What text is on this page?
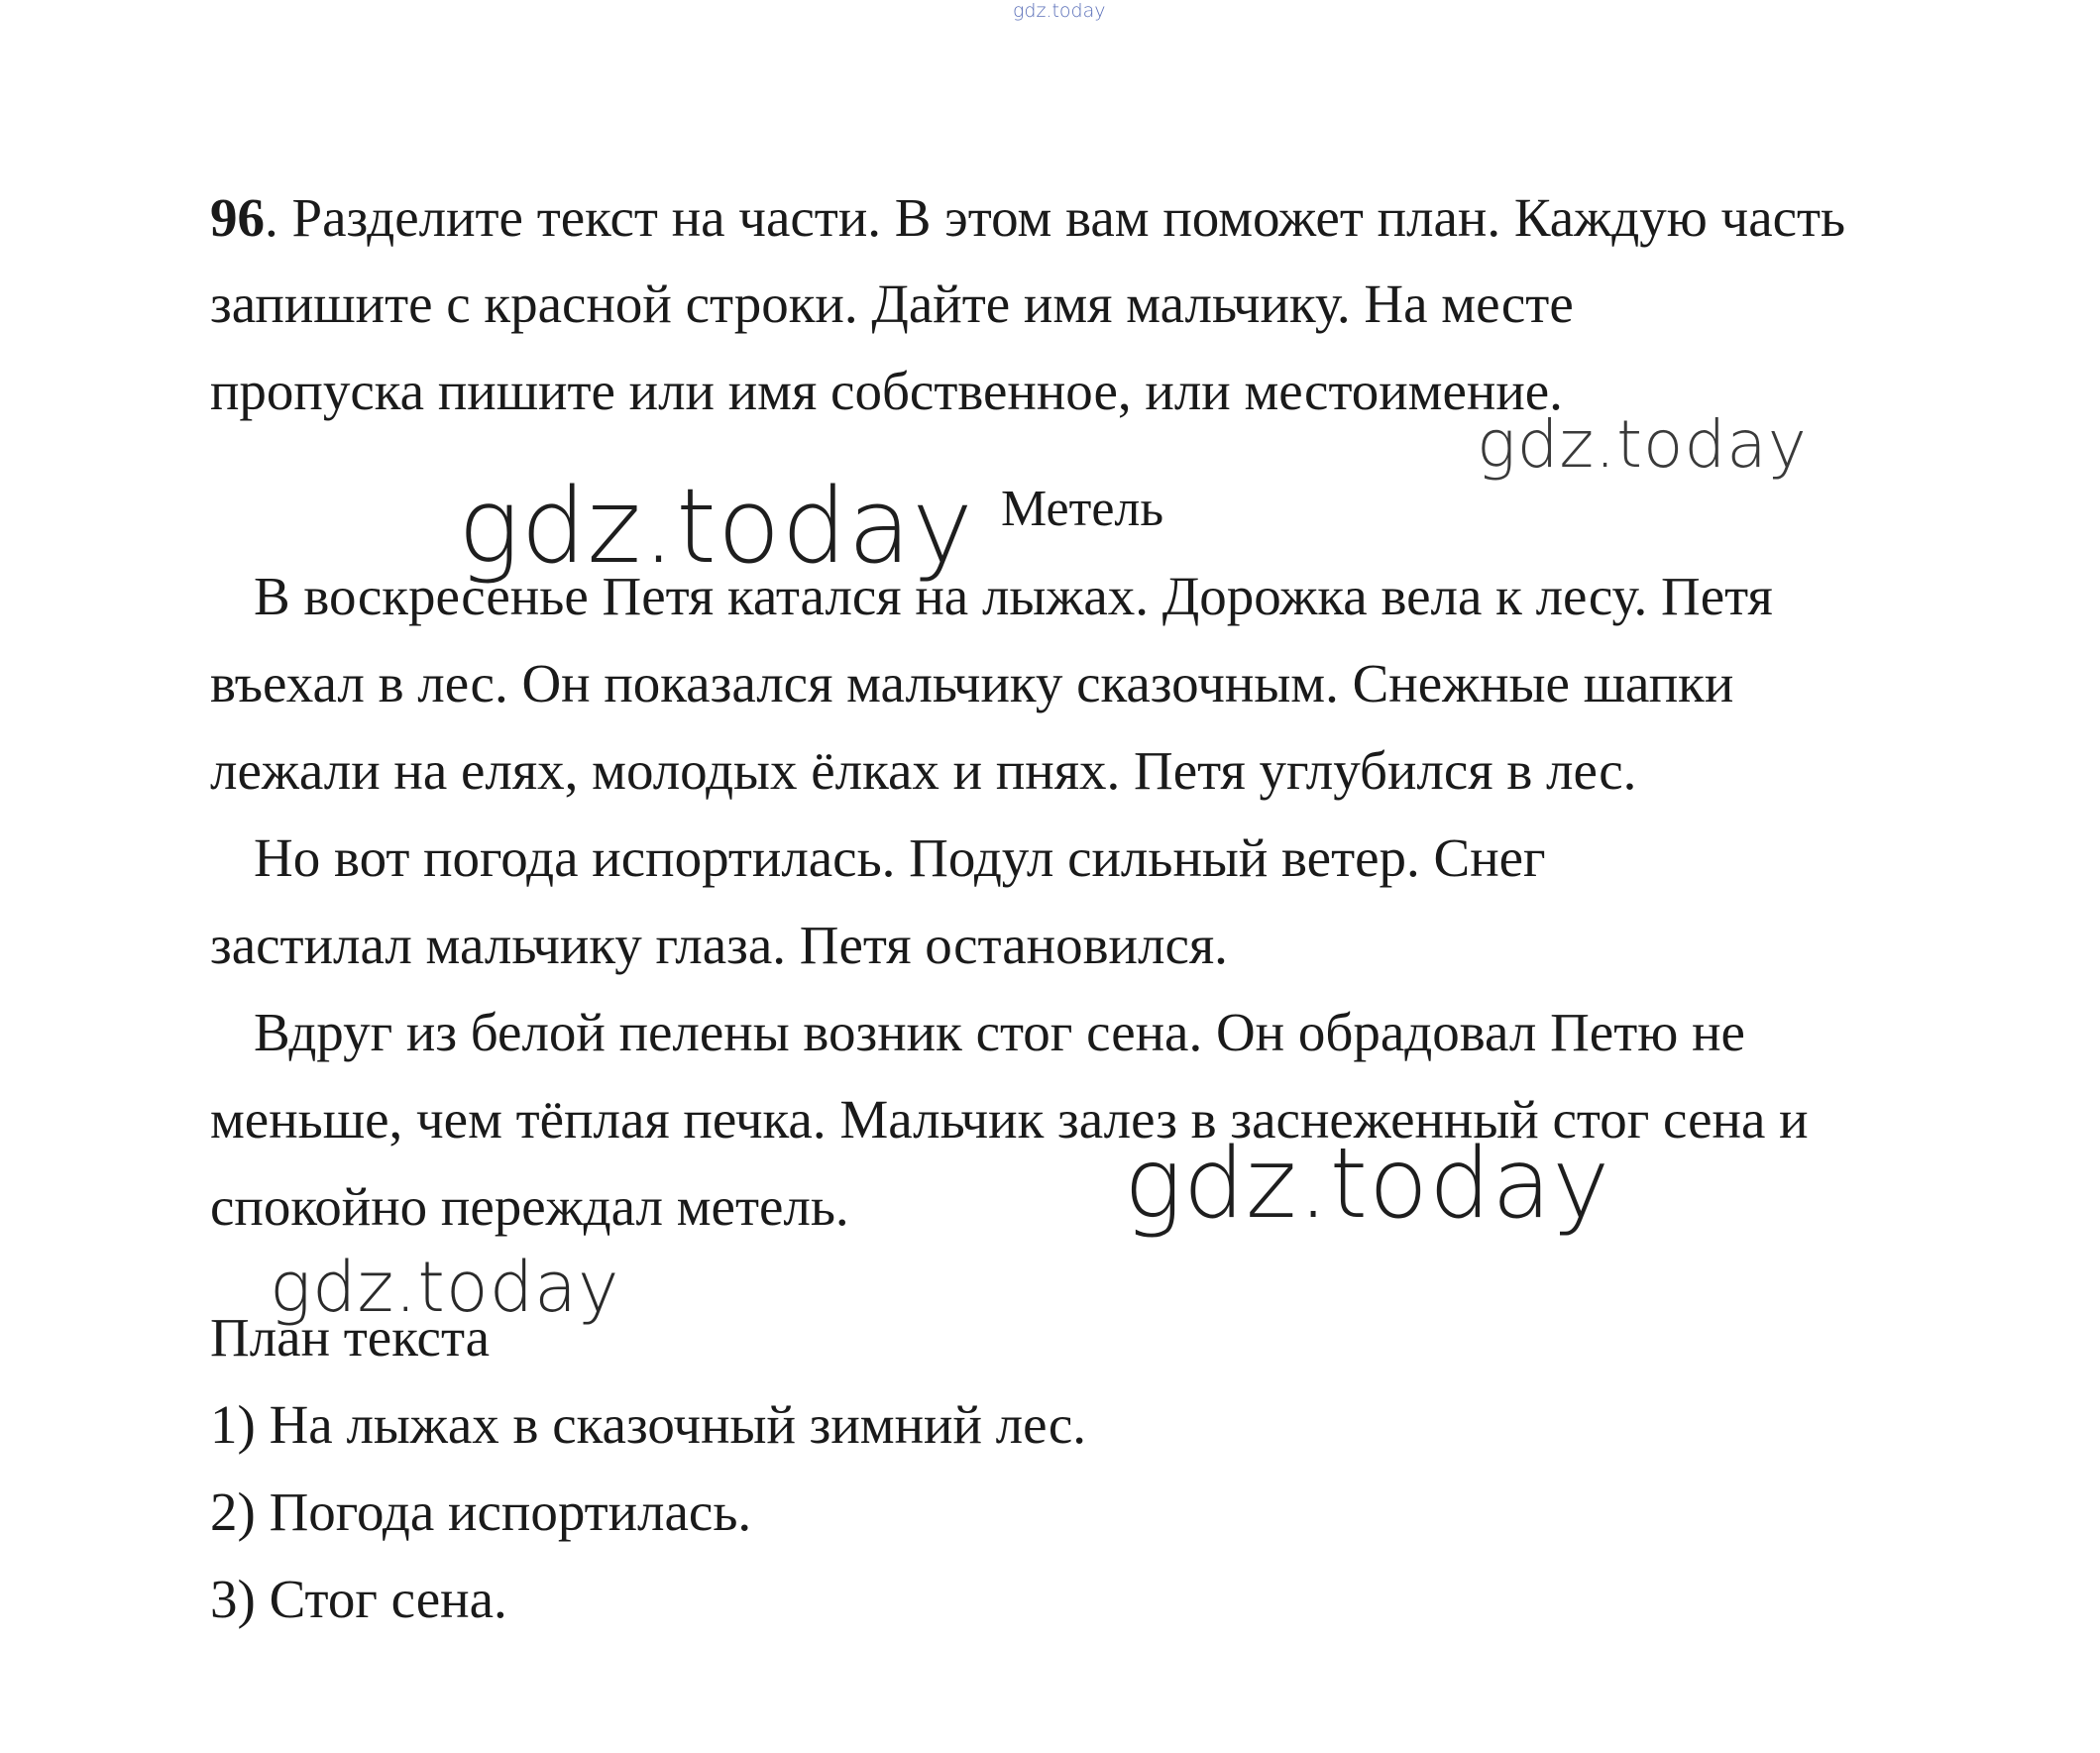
gdz.today

96. Разделите текст на части. В этом вам поможет план. Каждую часть

запишите с красной строки. Дайте имя мальчику. На месте

пропуска пишите или имя собственное, или местоимение.

gdz.today
gdz.today Метель

В воскресенье Петя катался на лыжах. Дорожка вела к лесу. Петя

въехал в лес. Он показался мальчику сказочным. Снежные шапки

лежали на елях, молодых ёлках и пнях. Петя углубился в лес.

Но вот погода испортилась. Подул сильный ветер. Снег

застилал мальчику глаза. Петя остановился.

Вдруг из белой пелены возник стог сена. Он обрадовал Петю не

меньше, чем тёплая печка. Мальчик залез в заснеженный стог сена и

спокойно переждал метель.	gdz.today
gdz.today

План текста

1) На лыжах в сказочный зимний лес.

2) Погода испортилась.

3) Стог сена.
